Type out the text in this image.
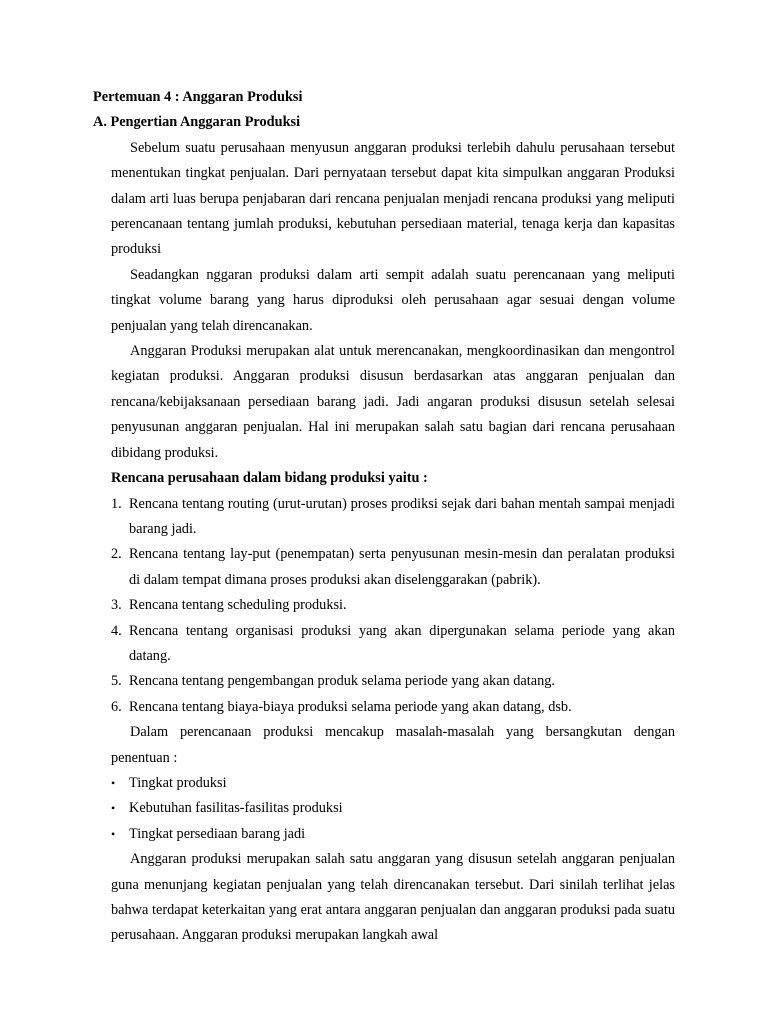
Pertemuan 4 : Anggaran Produksi
A. Pengertian Anggaran Produksi

Sebelum suatu perusahaan menyusun anggaran produksi terlebih dahulu perusahaan tersebut menentukan tingkat penjualan. Dari pernyataan tersebut dapat kita simpulkan anggaran Produksi dalam arti luas berupa penjabaran dari rencana penjualan menjadi rencana produksi yang meliputi perencanaan tentang jumlah produksi, kebutuhan persediaan material, tenaga kerja dan kapasitas produksi

Seadangkan nggaran produksi dalam arti sempit adalah suatu perencanaan yang meliputi tingkat volume barang yang harus diproduksi oleh perusahaan agar sesuai dengan volume penjualan yang telah direncanakan.

Anggaran Produksi merupakan alat untuk merencanakan, mengkoordinasikan dan mengontrol kegiatan produksi. Anggaran produksi disusun berdasarkan atas anggaran penjualan dan rencana/kebijaksanaan persediaan barang jadi. Jadi angaran produksi disusun setelah selesai penyusunan anggaran penjualan. Hal ini merupakan salah satu bagian dari rencana perusahaan dibidang produksi.

Rencana perusahaan dalam bidang produksi yaitu :
1. Rencana tentang routing (urut-urutan) proses prodiksi sejak dari bahan mentah sampai menjadi barang jadi.
2. Rencana tentang lay-put (penempatan) serta penyusunan mesin-mesin dan peralatan produksi di dalam tempat dimana proses produksi akan diselenggarakan (pabrik).
3. Rencana tentang scheduling produksi.
4. Rencana tentang organisasi produksi yang akan dipergunakan selama periode yang akan datang.
5. Rencana tentang pengembangan produk selama periode yang akan datang.
6. Rencana tentang biaya-biaya produksi selama periode yang akan datang, dsb.

Dalam perencanaan produksi mencakup masalah-masalah yang bersangkutan dengan penentuan :

• Tingkat produksi
• Kebutuhan fasilitas-fasilitas produksi
• Tingkat persediaan barang jadi

Anggaran produksi merupakan salah satu anggaran yang disusun setelah anggaran penjualan guna menunjang kegiatan penjualan yang telah direncanakan tersebut. Dari sinilah terlihat jelas bahwa terdapat keterkaitan yang erat antara anggaran penjualan dan anggaran produksi pada suatu perusahaan. Anggaran produksi merupakan langkah awal
